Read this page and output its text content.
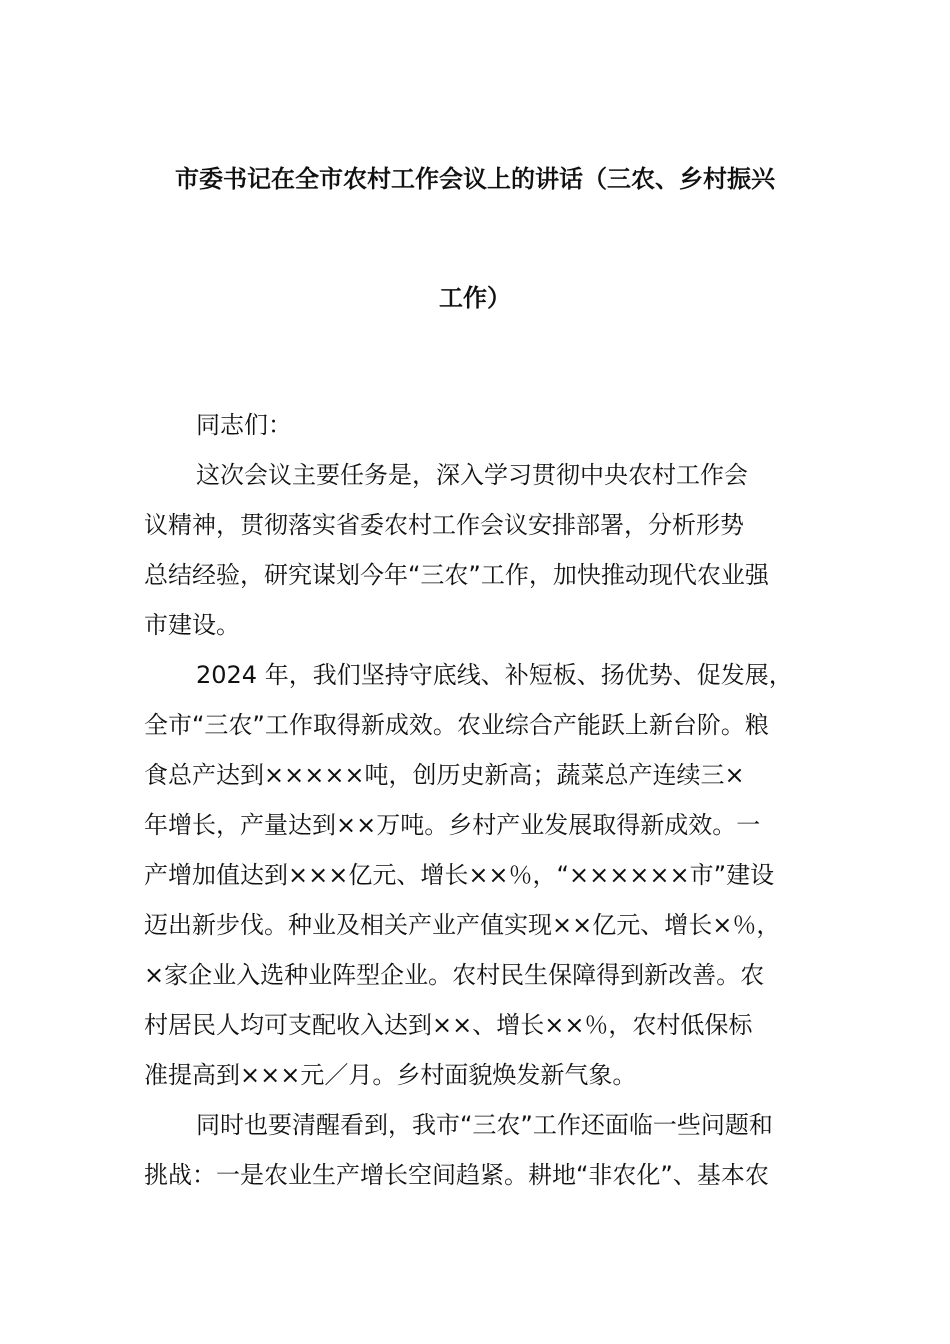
市委书记在全市农村工作会议上的讲话（三农、乡村振兴
工作）
同志们：
这次会议主要任务是，深入学习贯彻中央农村工作会
议精神，贯彻落实省委农村工作会议安排部署，分析形势
总结经验，研究谋划今年“三农”工作，加快推动现代农业强
市建设。
2024 年，我们坚持守底线、补短板、扬优势、促发展，
全市“三农”工作取得新成效。农业综合产能跃上新台阶。粮
食总产达到×××××吨，创历史新高；蔬菜总产连续三×
年增长，产量达到××万吨。乡村产业发展取得新成效。一
产增加值达到×××亿元、增长××％，“××××××市”建设
迈出新步伐。种业及相关产业产值实现××亿元、增长×％，
×家企业入选种业阵型企业。农村民生保障得到新改善。农
村居民人均可支配收入达到××、增长××％，农村低保标
准提高到×××元／月。乡村面貌焕发新气象。
同时也要清醒看到，我市“三农”工作还面临一些问题和
挑战：一是农业生产增长空间趋紧。耕地“非农化”、基本农
